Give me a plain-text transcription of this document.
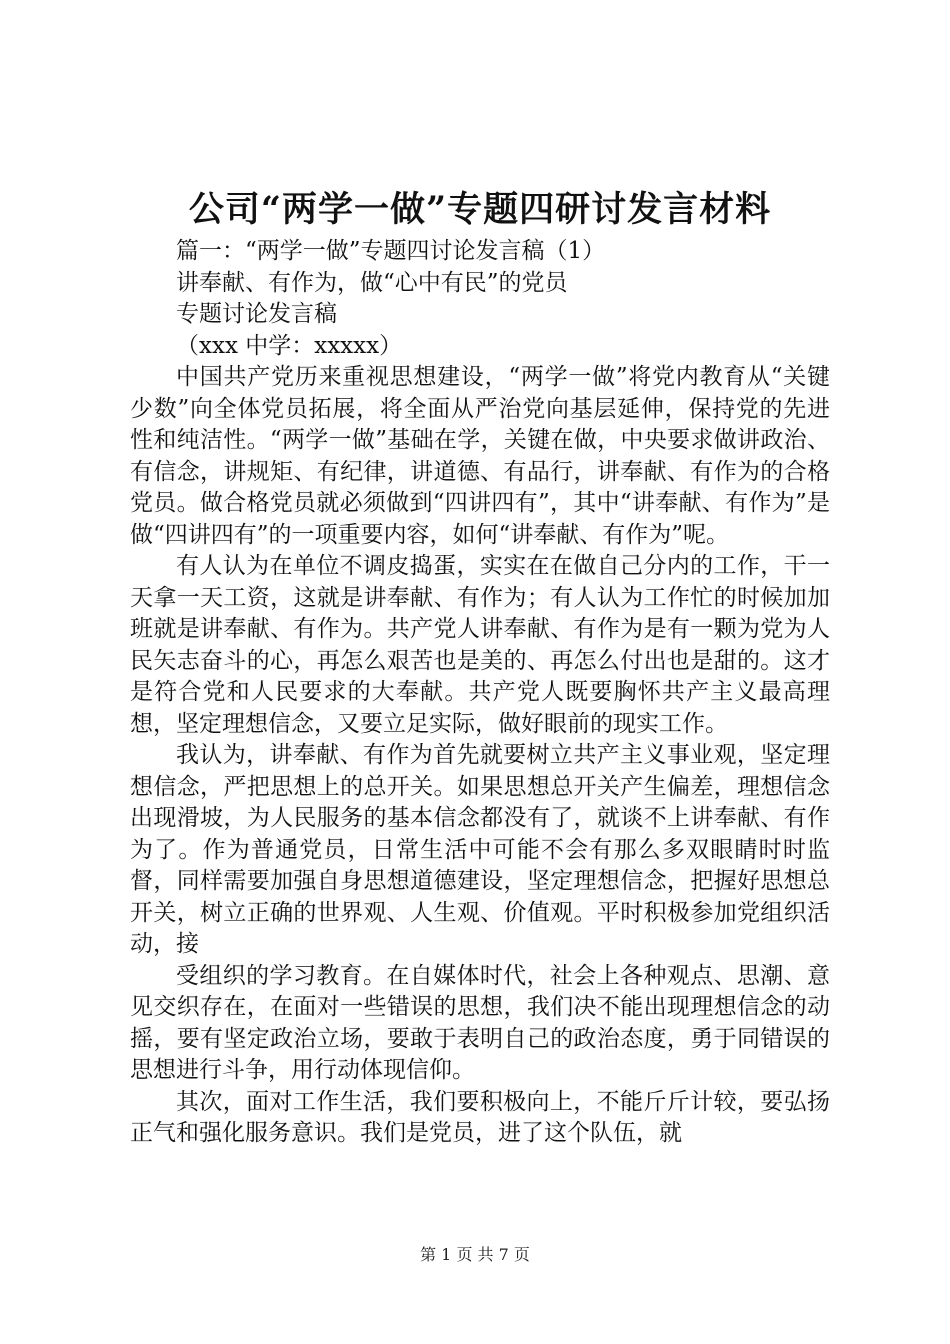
公司“两学一做”专题四研讨发言材料

篇一：“两学一做”专题四讨论发言稿（1）

讲奉献、有作为，做“心中有民”的党员

专题讨论发言稿

（xxx 中学：xxxxx）

中国共产党历来重视思想建设，“两学一做”将党内教育从“关键少数”向全体党员拓展，将全面从严治党向基层延伸，保持党的先进性和纯洁性。“两学一做”基础在学，关键在做，中央要求做讲政治、有信念，讲规矩、有纪律，讲道德、有品行，讲奉献、有作为的合格党员。做合格党员就必须做到“四讲四有”，其中“讲奉献、有作为”是做“四讲四有”的一项重要内容，如何“讲奉献、有作为”呢。

有人认为在单位不调皮捣蛋，实实在在做自己分内的工作，干一天拿一天工资，这就是讲奉献、有作为；有人认为工作忙的时候加加班就是讲奉献、有作为。共产党人讲奉献、有作为是有一颗为党为人民矢志奋斗的心，再怎么艰苦也是美的、再怎么付出也是甜的。这才是符合党和人民要求的大奉献。共产党人既要胸怀共产主义最高理想，坚定理想信念，又要立足实际，做好眼前的现实工作。

我认为，讲奉献、有作为首先就要树立共产主义事业观，坚定理想信念，严把思想上的总开关。如果思想总开关产生偏差，理想信念出现滑坡，为人民服务的基本信念都没有了，就谈不上讲奉献、有作为了。作为普通党员，日常生活中可能不会有那么多双眼睛时时监督，同样需要加强自身思想道德建设，坚定理想信念，把握好思想总开关，树立正确的世界观、人生观、价值观。平时积极参加党组织活动，接

受组织的学习教育。在自媒体时代，社会上各种观点、思潮、意见交织存在，在面对一些错误的思想，我们决不能出现理想信念的动摇，要有坚定政治立场，要敢于表明自己的政治态度，勇于同错误的思想进行斗争，用行动体现信仰。

其次，面对工作生活，我们要积极向上，不能斤斤计较，要弘扬正气和强化服务意识。我们是党员，进了这个队伍，就

第 1 页 共 7 页
